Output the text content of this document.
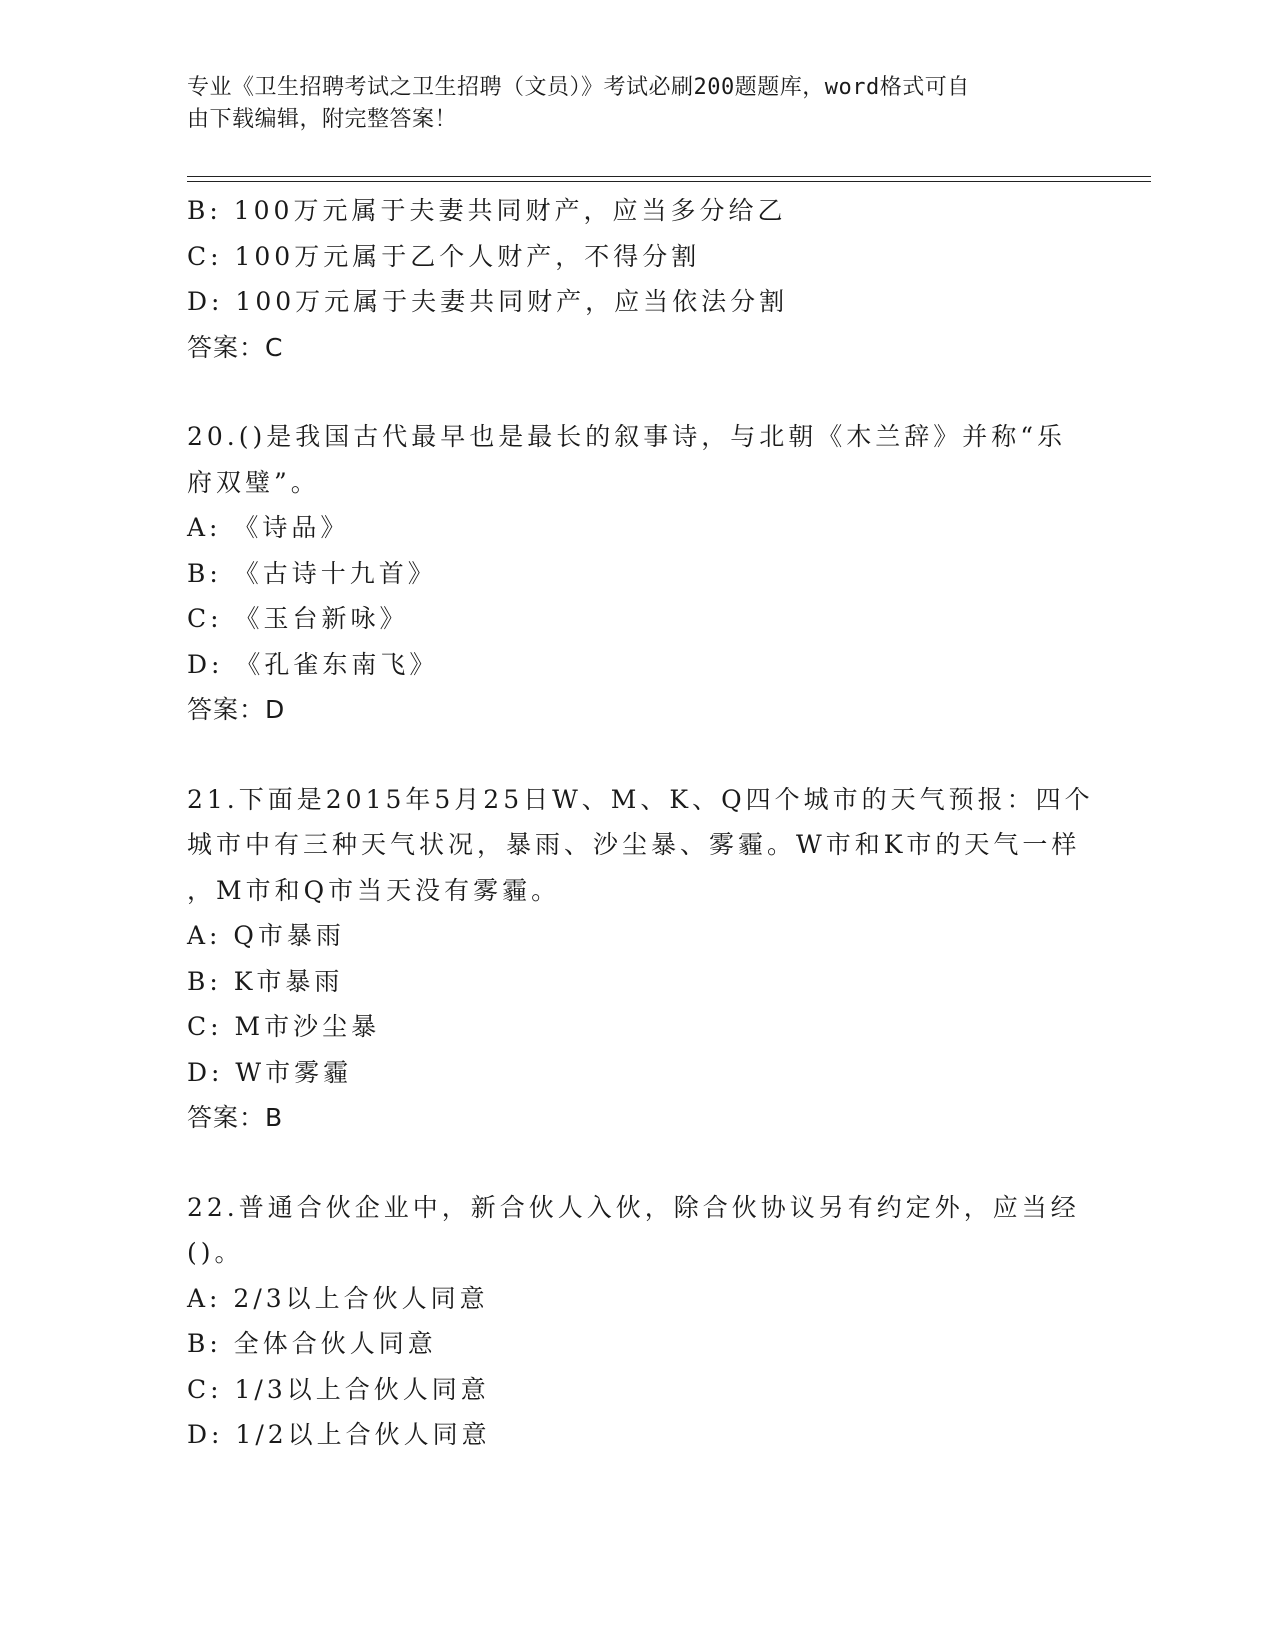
专业《卫生招聘考试之卫生招聘（文员）》考试必刷200题题库，word格式可自
由下载编辑，附完整答案！
B: 100万元属于夫妻共同财产，应当多分给乙
C: 100万元属于乙个人财产，不得分割
D: 100万元属于夫妻共同财产，应当依法分割
答案：C
20.()是我国古代最早也是最长的叙事诗，与北朝《木兰辞》并称“乐
府双璧”。
A: 《诗品》
B: 《古诗十九首》
C: 《玉台新咏》
D: 《孔雀东南飞》
答案：D
21.下面是2015年5月25日W、M、K、Q四个城市的天气预报：四个
城市中有三种天气状况，暴雨、沙尘暴、雾霾。W市和K市的天气一样
，M市和Q市当天没有雾霾。
A: Q市暴雨
B: K市暴雨
C: M市沙尘暴
D: W市雾霾
答案：B
22.普通合伙企业中，新合伙人入伙，除合伙协议另有约定外，应当经
()。
A: 2/3以上合伙人同意
B: 全体合伙人同意
C: 1/3以上合伙人同意
D: 1/2以上合伙人同意
